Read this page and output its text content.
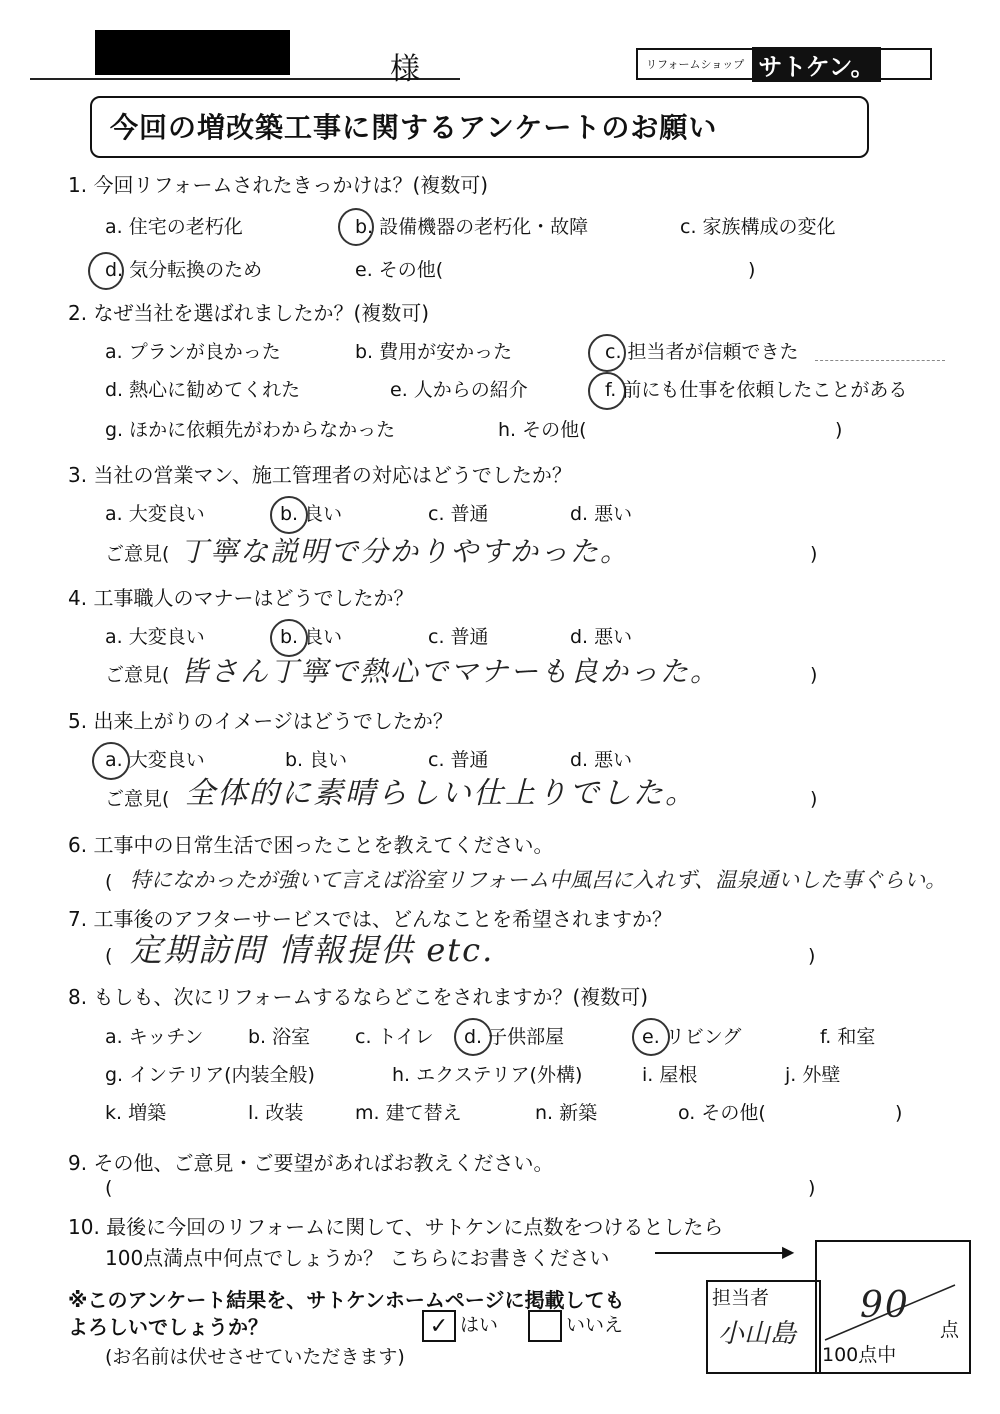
様	リフォームショップ サトケン。
今回の増改築工事に関するアンケートのお願い
1. 今回リフォームされたきっかけは？(複数可)
a. 住宅の老朽化	b. 設備機器の老朽化・故障	c. 家族構成の変化
d. 気分転換のため	e. その他(	)
2. なぜ当社を選ばれましたか？(複数可)
a. プランが良かった	b. 費用が安かった	c. 担当者が信頼できた
d. 熱心に勧めてくれた	e. 人からの紹介	f. 前にも仕事を依頼したことがある
g. ほかに依頼先がわからなかった	h. その他(	)
3. 当社の営業マン、施工管理者の対応はどうでしたか？
a. 大変良い	b. 良い	c. 普通	d. 悪い
ご意見( 丁寧な説明で分かりやすかった。	)
4. 工事職人のマナーはどうでしたか？
a. 大変良い	b. 良い	c. 普通	d. 悪い
ご意見( 皆さん丁寧で熱心でマナーも良かった。	)
5. 出来上がりのイメージはどうでしたか？
a. 大変良い	b. 良い	c. 普通	d. 悪い
ご意見( 全体的に素晴らしい仕上りでした。	)
6. 工事中の日常生活で困ったことを教えてください。
( 特になかったが強いて言えば浴室リフォーム中風呂に入れず、温泉通いした事ぐらい。
7. 工事後のアフターサービスでは、どんなことを希望されますか？
( 定期訪問 情報提供 etc.	)
8. もしも、次にリフォームするならどこをされますか？(複数可)
a. キッチン b. 浴室 c. トイレ d. 子供部屋	e. リビング	f. 和室
g. インテリア(内装全般)	h. エクステリア(外構)	i. 屋根	j. 外壁
k. 増築	l. 改装	m. 建て替え	n. 新築	o. その他(	)
9. その他、ご意見・ご要望があればお教えください。
(	)
10. 最後に今回のリフォームに関して、サトケンに点数をつけるとしたら
100点満点中何点でしょうか？ こちらにお書きください	▶
90
点
100点中
担当者
小山島
※このアンケート結果を、サトケンホームページに掲載しても
よろしいでしょうか？	✓ はい	いいえ
(お名前は伏せさせていただきます)
